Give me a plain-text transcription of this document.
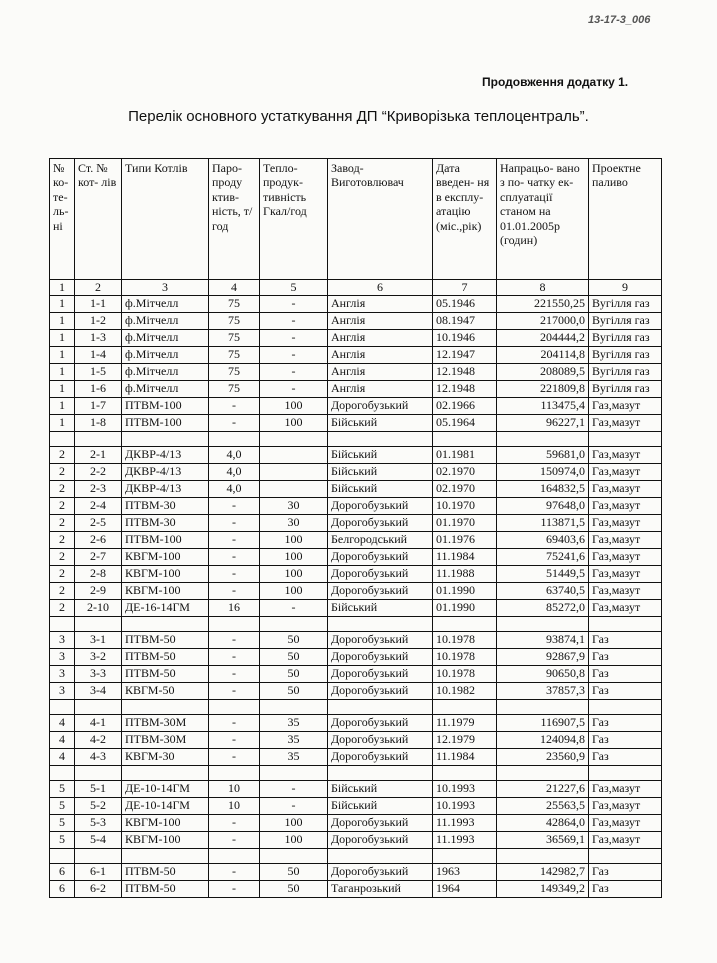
13-17-3_006
Продовження додатку 1.
Перелік основного устаткування ДП “Криворізька теплоцентраль”.
№ ко- те- ль- ні	Ст. № кот- лів	Типи Котлів	Паро- проду ктив- ність, т/год	Тепло- продук- тивність Гкал/год	Завод- Виготовлювач	Дата введен- ня в експлу- атацію (міс.,рік)	Напрацьо- вано з по- чатку ек- сплуатації станом на 01.01.2005р (годин)	Проектне паливо
1	2	3	4	5	6	7	8	9
1	1-1	ф.Мітчелл	75	-	Англія	05.1946	221550,25	Вугілля газ
1	1-2	ф.Мітчелл	75	-	Англія	08.1947	217000,0	Вугілля газ
1	1-3	ф.Мітчелл	75	-	Англія	10.1946	204444,2	Вугілля газ
1	1-4	ф.Мітчелл	75	-	Англія	12.1947	204114,8	Вугілля газ
1	1-5	ф.Мітчелл	75	-	Англія	12.1948	208089,5	Вугілля газ
1	1-6	ф.Мітчелл	75	-	Англія	12.1948	221809,8	Вугілля газ
1	1-7	ПТВМ-100	-	100	Дорогобузький	02.1966	113475,4	Газ,мазут
1	1-8	ПТВМ-100	-	100	Бійський	05.1964	96227,1	Газ,мазут

2	2-1	ДКВР-4/13	4,0		Бійський	01.1981	59681,0	Газ,мазут
2	2-2	ДКВР-4/13	4,0		Бійський	02.1970	150974,0	Газ,мазут
2	2-3	ДКВР-4/13	4,0		Бійський	02.1970	164832,5	Газ,мазут
2	2-4	ПТВМ-30	-	30	Дорогобузький	10.1970	97648,0	Газ,мазут
2	2-5	ПТВМ-30	-	30	Дорогобузький	01.1970	113871,5	Газ,мазут
2	2-6	ПТВМ-100	-	100	Белгородський	01.1976	69403,6	Газ,мазут
2	2-7	КВГМ-100	-	100	Дорогобузький	11.1984	75241,6	Газ,мазут
2	2-8	КВГМ-100	-	100	Дорогобузький	11.1988	51449,5	Газ,мазут
2	2-9	КВГМ-100	-	100	Дорогобузький	01.1990	63740,5	Газ,мазут
2	2-10	ДЕ-16-14ГМ	16	-	Бійський	01.1990	85272,0	Газ,мазут

3	3-1	ПТВМ-50	-	50	Дорогобузький	10.1978	93874,1	Газ
3	3-2	ПТВМ-50	-	50	Дорогобузький	10.1978	92867,9	Газ
3	3-3	ПТВМ-50	-	50	Дорогобузький	10.1978	90650,8	Газ
3	3-4	КВГМ-50	-	50	Дорогобузький	10.1982	37857,3	Газ

4	4-1	ПТВМ-30М	-	35	Дорогобузький	11.1979	116907,5	Газ
4	4-2	ПТВМ-30М	-	35	Дорогобузький	12.1979	124094,8	Газ
4	4-3	КВГМ-30	-	35	Дорогобузький	11.1984	23560,9	Газ

5	5-1	ДЕ-10-14ГМ	10	-	Бійський	10.1993	21227,6	Газ,мазут
5	5-2	ДЕ-10-14ГМ	10	-	Бійський	10.1993	25563,5	Газ,мазут
5	5-3	КВГМ-100	-	100	Дорогобузький	11.1993	42864,0	Газ,мазут
5	5-4	КВГМ-100	-	100	Дорогобузький	11.1993	36569,1	Газ,мазут

6	6-1	ПТВМ-50	-	50	Дорогобузький	1963	142982,7	Газ
6	6-2	ПТВМ-50	-	50	Таганрозький	1964	149349,2	Газ
